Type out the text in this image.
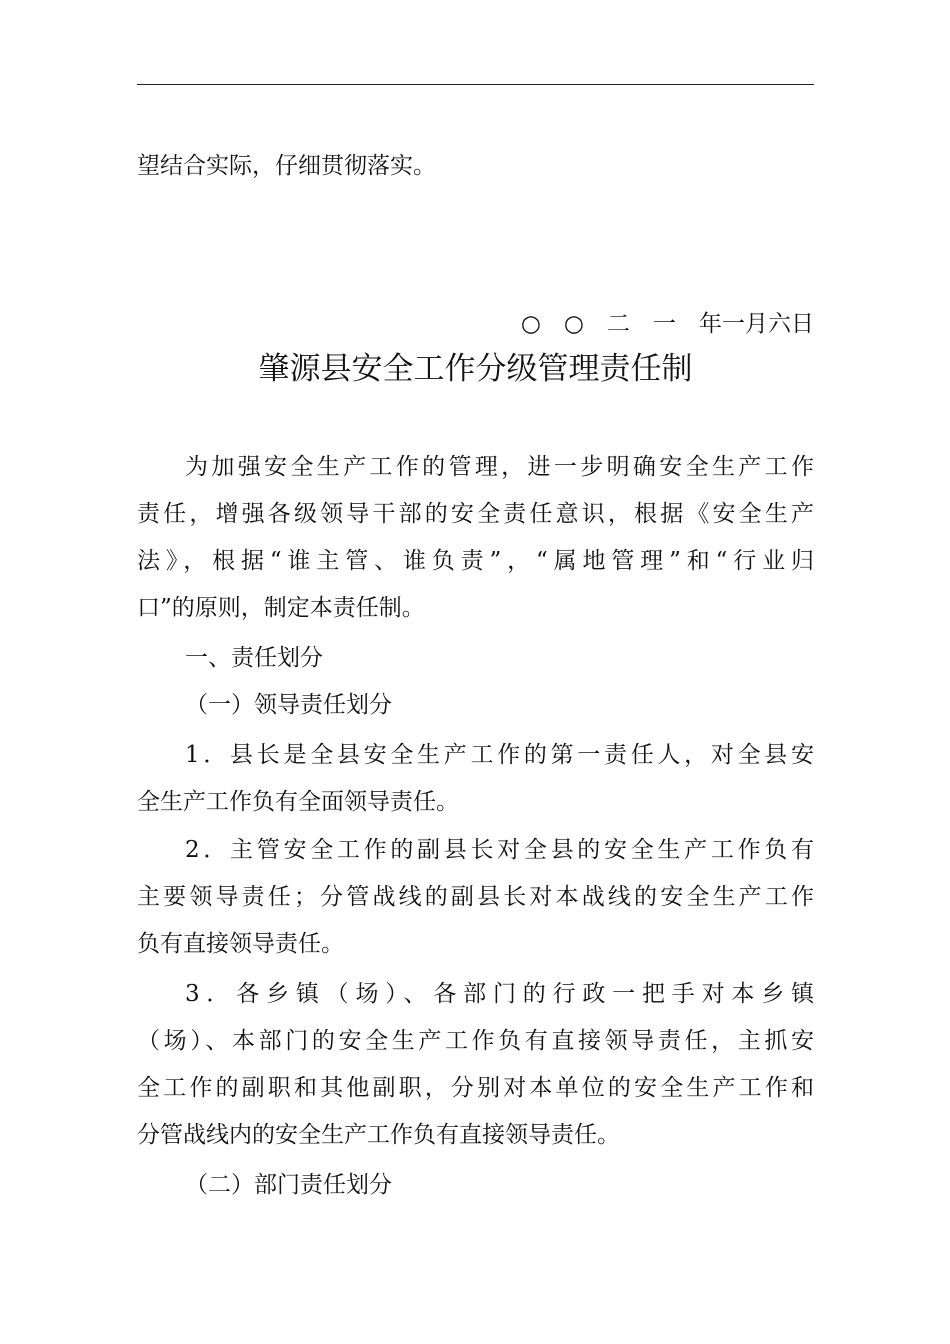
望结合实际，仔细贯彻落实。
○　○　二　一　年一月六日
肇源县安全工作分级管理责任制
为加强安全生产工作的管理，进一步明确安全生产工作
责任，增强各级领导干部的安全责任意识，根据《安全生产
法》，根据“谁主管、谁负责”，“属地管理”和“行业归
口”的原则，制定本责任制。
一、责任划分
（一）领导责任划分
1．县长是全县安全生产工作的第一责任人，对全县安
全生产工作负有全面领导责任。
2．主管安全工作的副县长对全县的安全生产工作负有
主要领导责任；分管战线的副县长对本战线的安全生产工作
负有直接领导责任。
3．各乡镇（场）、各部门的行政一把手对本乡镇
（场）、本部门的安全生产工作负有直接领导责任，主抓安
全工作的副职和其他副职，分别对本单位的安全生产工作和
分管战线内的安全生产工作负有直接领导责任。
（二）部门责任划分
